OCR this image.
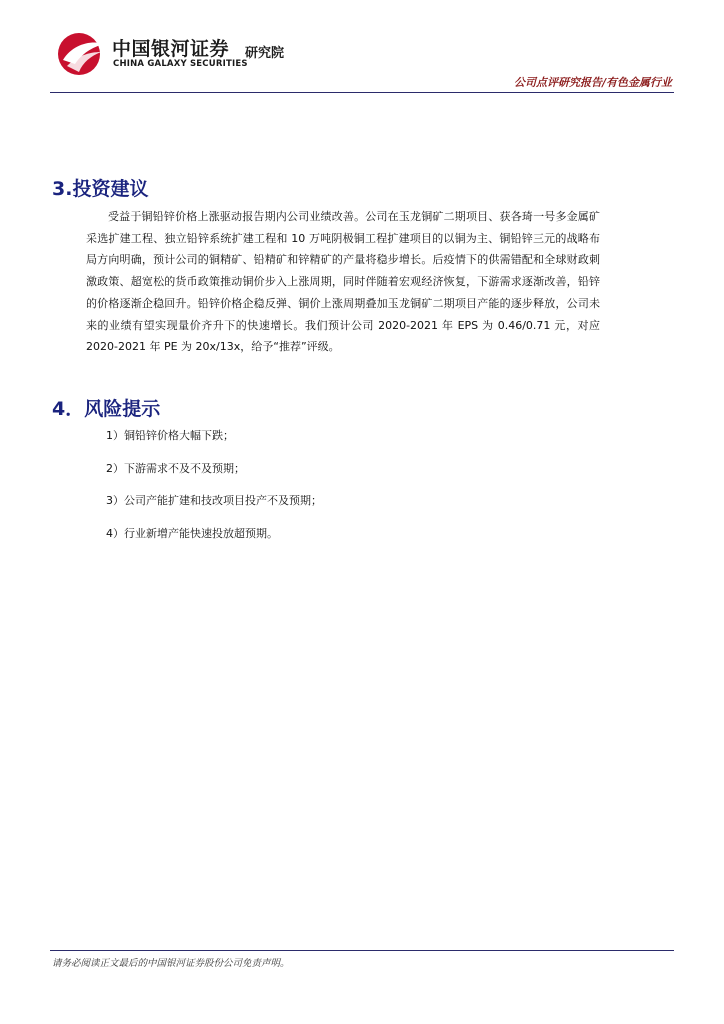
中国银河证券
CHINA GALAXY SECURITIES
研究院
公司点评研究报告/有色金属行业
3.投资建议

受益于铜铅锌价格上涨驱动报告期内公司业绩改善。公司在玉龙铜矿二期项目、获各琦一号多金属矿采选扩建工程、独立铅锌系统扩建工程和 10 万吨阴极铜工程扩建项目的以铜为主、铜铅锌三元的战略布局方向明确，预计公司的铜精矿、铅精矿和锌精矿的产量将稳步增长。后疫情下的供需错配和全球财政刺激政策、超宽松的货币政策推动铜价步入上涨周期，同时伴随着宏观经济恢复，下游需求逐渐改善，铅锌的价格逐渐企稳回升。铅锌价格企稳反弹、铜价上涨周期叠加玉龙铜矿二期项目产能的逐步释放，公司未来的业绩有望实现量价齐升下的快速增长。我们预计公司 2020-2021 年 EPS 为 0.46/0.71 元，对应 2020-2021 年 PE 为 20x/13x，给予“推荐”评级。

4．风险提示
1）铜铅锌价格大幅下跌；
2）下游需求不及不及预期；
3）公司产能扩建和技改项目投产不及预期；
4）行业新增产能快速投放超预期。
请务必阅读正文最后的中国银河证券股份公司免责声明。
